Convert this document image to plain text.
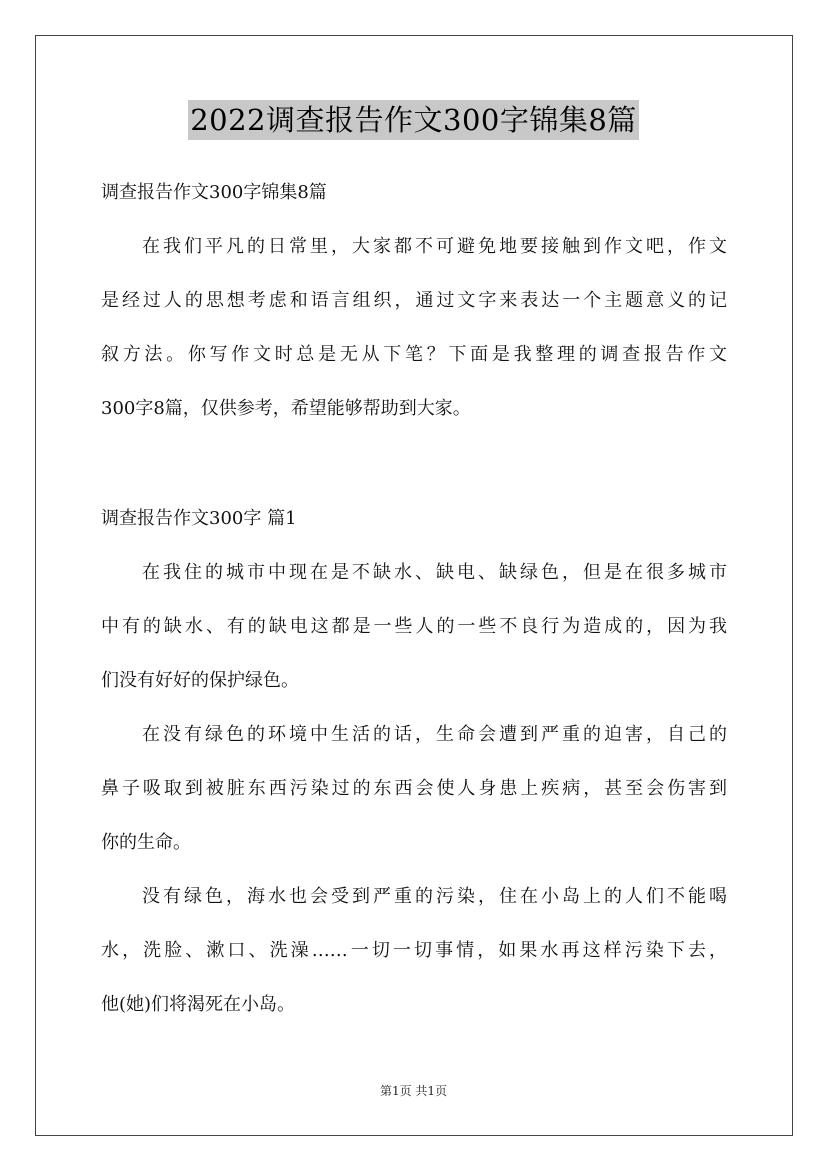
2022调查报告作文300字锦集8篇
调查报告作文300字锦集8篇
在我们平凡的日常里，大家都不可避免地要接触到作文吧，作文
是经过人的思想考虑和语言组织，通过文字来表达一个主题意义的记
叙方法。你写作文时总是无从下笔？下面是我整理的调查报告作文
300字8篇，仅供参考，希望能够帮助到大家。
调查报告作文300字 篇1
在我住的城市中现在是不缺水、缺电、缺绿色，但是在很多城市
中有的缺水、有的缺电这都是一些人的一些不良行为造成的，因为我
们没有好好的保护绿色。
在没有绿色的环境中生活的话，生命会遭到严重的迫害，自己的
鼻子吸取到被脏东西污染过的东西会使人身患上疾病，甚至会伤害到
你的生命。
没有绿色，海水也会受到严重的污染，住在小岛上的人们不能喝
水，洗脸、漱口、洗澡……一切一切事情，如果水再这样污染下去，
他(她)们将渴死在小岛。
第1页 共1页
